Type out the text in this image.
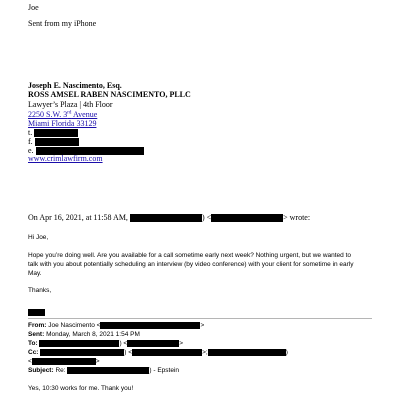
Joe
Sent from my iPhone
Joseph E. Nascimento, Esq.
ROSS AMSEL RABEN NASCIMENTO, PLLC
Lawyer’s Plaza | 4th Floor
2250 S.W. 3rd Avenue
Miami Florida 33129
t.
f.
e.
www.crimlawfirm.com
On Apr 16, 2021, at 11:58 AM,	) <	> wrote:
Hi Joe,
Hope you’re doing well. Are you available for a call sometime early next week? Nothing urgent, but we wanted to
talk with you about potentially scheduling an interview (by video conference) with your client for sometime in early
May.
Thanks,
From: Joe Nascimento <	>
Sent: Monday, March 8, 2021 1:54 PM
To:	) <	>
Cc:	) <	>;	)
<	>
Subject: Re:	) - Epstein
Yes, 10:30 works for me. Thank you!
